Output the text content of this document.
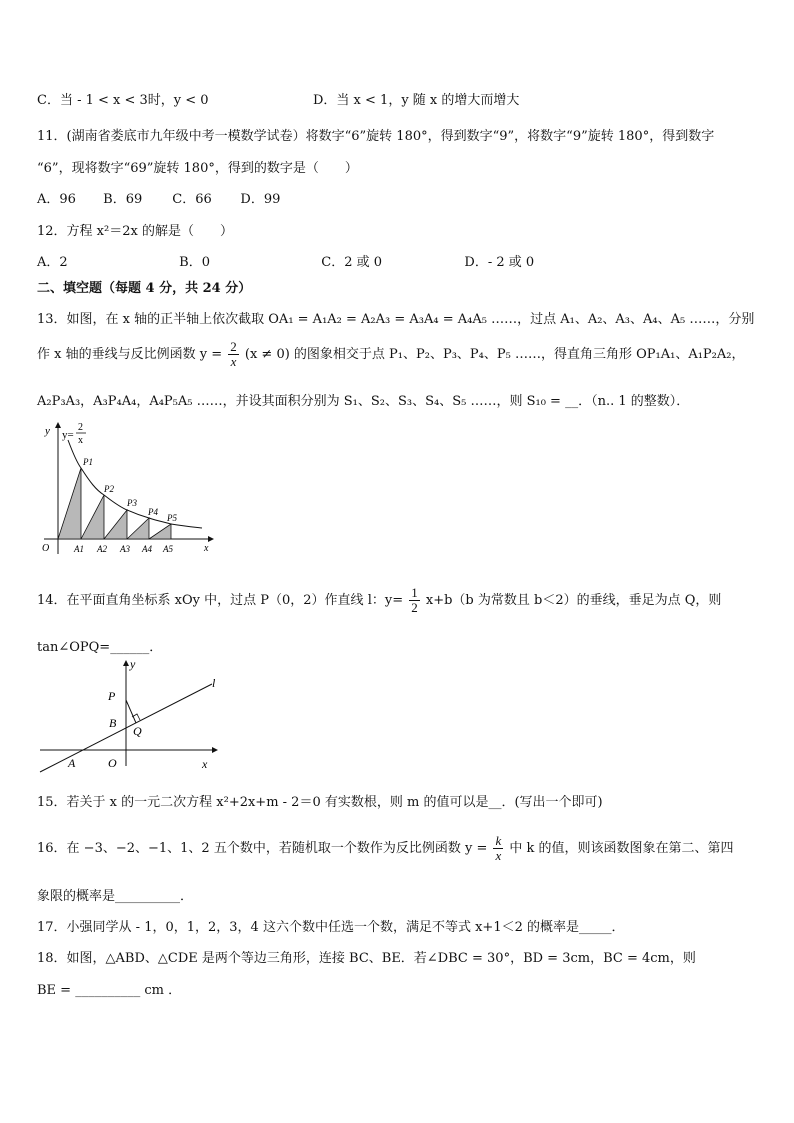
C．当 - 1 < x < 3时，y < 0	D．当 x < 1，y 随 x 的增大而增大
11．(湖南省娄底市九年级中考一模数学试卷）将数字“6”旋转 180°，得到数字“9”，将数字“9”旋转 180°，得到数字
“6”，现将数字“69”旋转 180°，得到的数字是（　　）
A．96 B．69 C．66 D．99
12．方程 x²＝2x 的解是（　　）
A．2	B．0	C．2 或 0	D．- 2 或 0
二、填空题（每题 4 分，共 24 分）
13．如图，在 x 轴的正半轴上依次截取 OA₁ = A₁A₂ = A₂A₃ = A₃A₄ = A₄A₅ ……，过点 A₁、A₂、A₃、A₄、A₅ ……，分别
作 x 轴的垂线与反比例函数 $y = \frac{2}{x} (x \ne 0)$ 的图象相交于点 P₁、P₂、P₃、P₄、P₅ ……，得直角三角形 OP₁A₁、A₁P₂A₂，
A₂P₃A₃，A₃P₄A₄，A₄P₅A₅ ……，并设其面积分别为 S₁、S₂、S₃、S₄、S₅ ……，则 S₁₀ = __．（n.. 1 的整数）．
y y=
2
x
P1
P2
P3
P4
P5
O	A1 A2 A3 A4 A5	x
14．在平面直角坐标系 xOy 中，过点 P（0，2）作直线 l：$y= \frac{1}{2} x+b(b$ 为常数且 b＜2）的垂线，垂足为点 Q，则
tan∠OPQ=______．
y
P
B
Q
A	O	x
l
15．若关于 x 的一元二次方程 x²+2x+m - 2＝0 有实数根，则 m 的值可以是__．(写出一个即可)
16．在 −3、−2、−1、1、2 五个数中，若随机取一个数作为反比例函数 $y = \frac{k}{x}$ 中 k 的值，则该函数图象在第二、第四
象限的概率是__________．
17．小强同学从 - 1，0，1，2，3，4 这六个数中任选一个数，满足不等式 x+1＜2 的概率是_____．
18．如图，△ABD、△CDE 是两个等边三角形，连接 BC、BE．若∠DBC = 30°，BD = 3cm，BC = 4cm，则
BE = __________ cm ．
